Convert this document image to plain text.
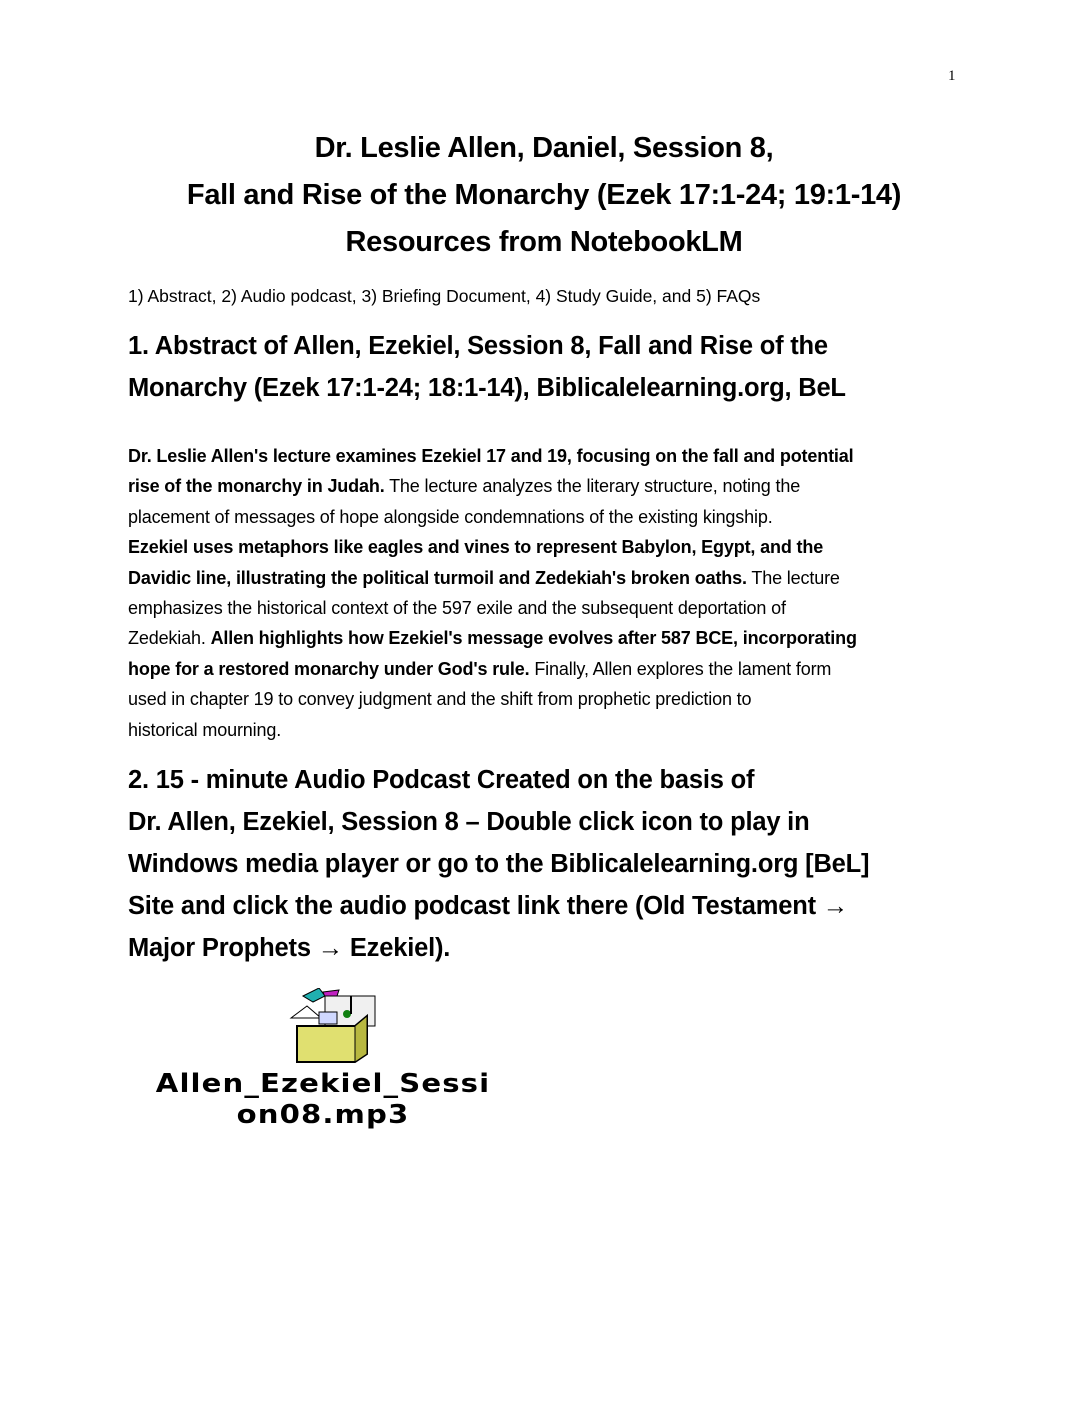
1
Dr. Leslie Allen, Daniel, Session 8,
Fall and Rise of the Monarchy (Ezek 17:1-24; 19:1-14)
Resources from NotebookLM
1) Abstract, 2) Audio podcast, 3) Briefing Document, 4) Study Guide, and 5) FAQs
1. Abstract of Allen, Ezekiel, Session 8, Fall and Rise of the
Monarchy (Ezek 17:1-24; 18:1-14), Biblicalelearning.org, BeL
Dr. Leslie Allen's lecture examines Ezekiel 17 and 19, focusing on the fall and potential
rise of the monarchy in Judah. The lecture analyzes the literary structure, noting the
placement of messages of hope alongside condemnations of the existing kingship.
Ezekiel uses metaphors like eagles and vines to represent Babylon, Egypt, and the
Davidic line, illustrating the political turmoil and Zedekiah's broken oaths. The lecture
emphasizes the historical context of the 597 exile and the subsequent deportation of
Zedekiah. Allen highlights how Ezekiel's message evolves after 587 BCE, incorporating
hope for a restored monarchy under God's rule. Finally, Allen explores the lament form
used in chapter 19 to convey judgment and the shift from prophetic prediction to
historical mourning.
2. 15 - minute Audio Podcast Created on the basis of
Dr. Allen, Ezekiel, Session 8 – Double click icon to play in
Windows media player or go to the Biblicalelearning.org [BeL]
Site and click the audio podcast link there (Old Testament →
Major Prophets → Ezekiel).
Allen_Ezekiel_Sessi
on08.mp3
